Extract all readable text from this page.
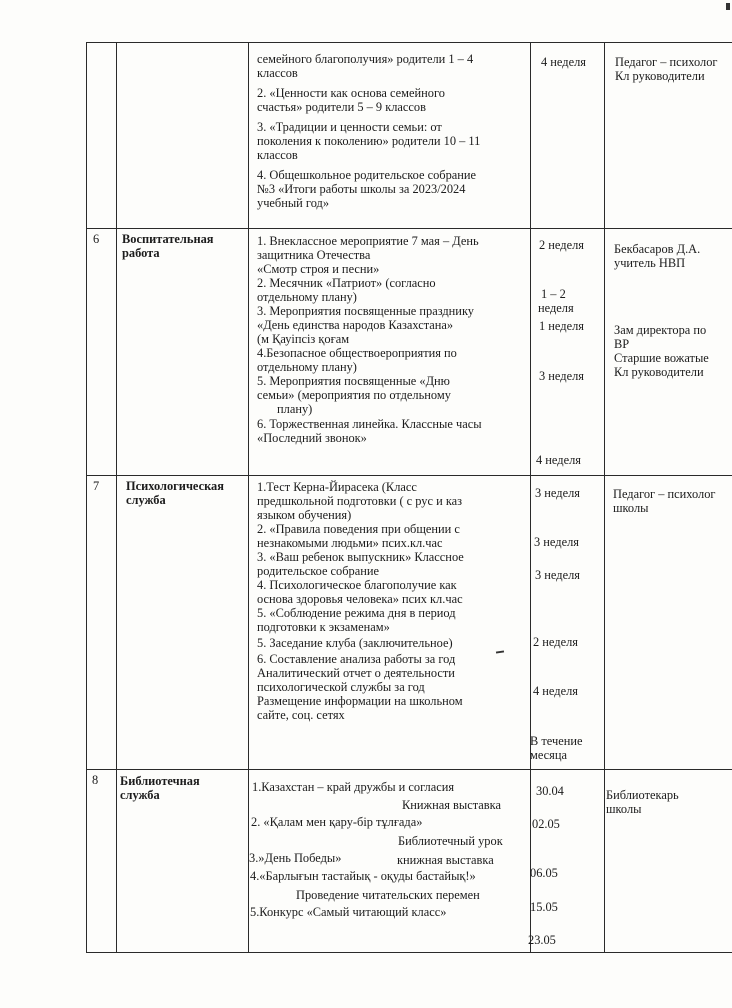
семейного благополучия» родители 1 – 4
классов
2. «Ценности как основа семейного
счастья» родители 5 – 9 классов
3. «Традиции и ценности семьи: от
поколения к поколению» родители 10 – 11
классов
4. Общешкольное родительское собрание
№3 «Итоги работы школы за 2023/2024
учебный год»
4 неделя Педагог – психолог
Кл руководители
6 Воспитательная
работа
1. Внеклассное мероприятие 7 мая – День
защитника Отечества
«Смотр строя и песни»
2. Месячник «Патриот» (согласно
отдельному плану)
3. Мероприятия посвященные празднику
«День единства народов Казахстана»
(м Қауіпсіз қоғам
4.Безопасное обществоероприятия по
отдельному плану)
5. Мероприятия посвященные «Дню
семьи» (мероприятия по отдельному
плану)
6. Торжественная линейка. Классные часы
«Последний звонок»
2 неделя
1 – 2
неделя
1 неделя
3 неделя
4 неделя
Бекбасаров Д.А.
учитель НВП
Зам директора по
ВР
Старшие вожатые
Кл руководители
7 Психологическая
служба
1.Тест Керна-Йирасека (Класс
предшкольной подготовки ( с рус и каз
языком обучения)
2. «Правила поведения при общении с
незнакомыми людьми» псих.кл.час
3. «Ваш ребенок выпускник» Классное
родительское собрание
4. Психологическое благополучие как
основа здоровья человека» псих кл.час
5. «Соблюдение режима дня в период
подготовки к экзаменам»
5. Заседание клуба (заключительное)
6. Составление анализа работы за год
Аналитический отчет о деятельности
психологической службы за год
Размещение информации на школьном
сайте, соц. сетях
3 неделя
3 неделя
3 неделя
2 неделя
4 неделя
В течение
месяца
Педагог – психолог
школы
8 Библиотечная
служба
1.Казахстан – край дружбы и согласия
Книжная выставка
2. «Қалам мен қару-бір тұлғада»
Библиотечный урок
3.»День Победы»	книжная выставка
4.«Барлығын тастайық - оқуды бастайық!»
Проведение читательских перемен
5.Конкурс «Самый читающий класс»
30.04
02.05
06.05
15.05
23.05
Библиотекарь
школы
